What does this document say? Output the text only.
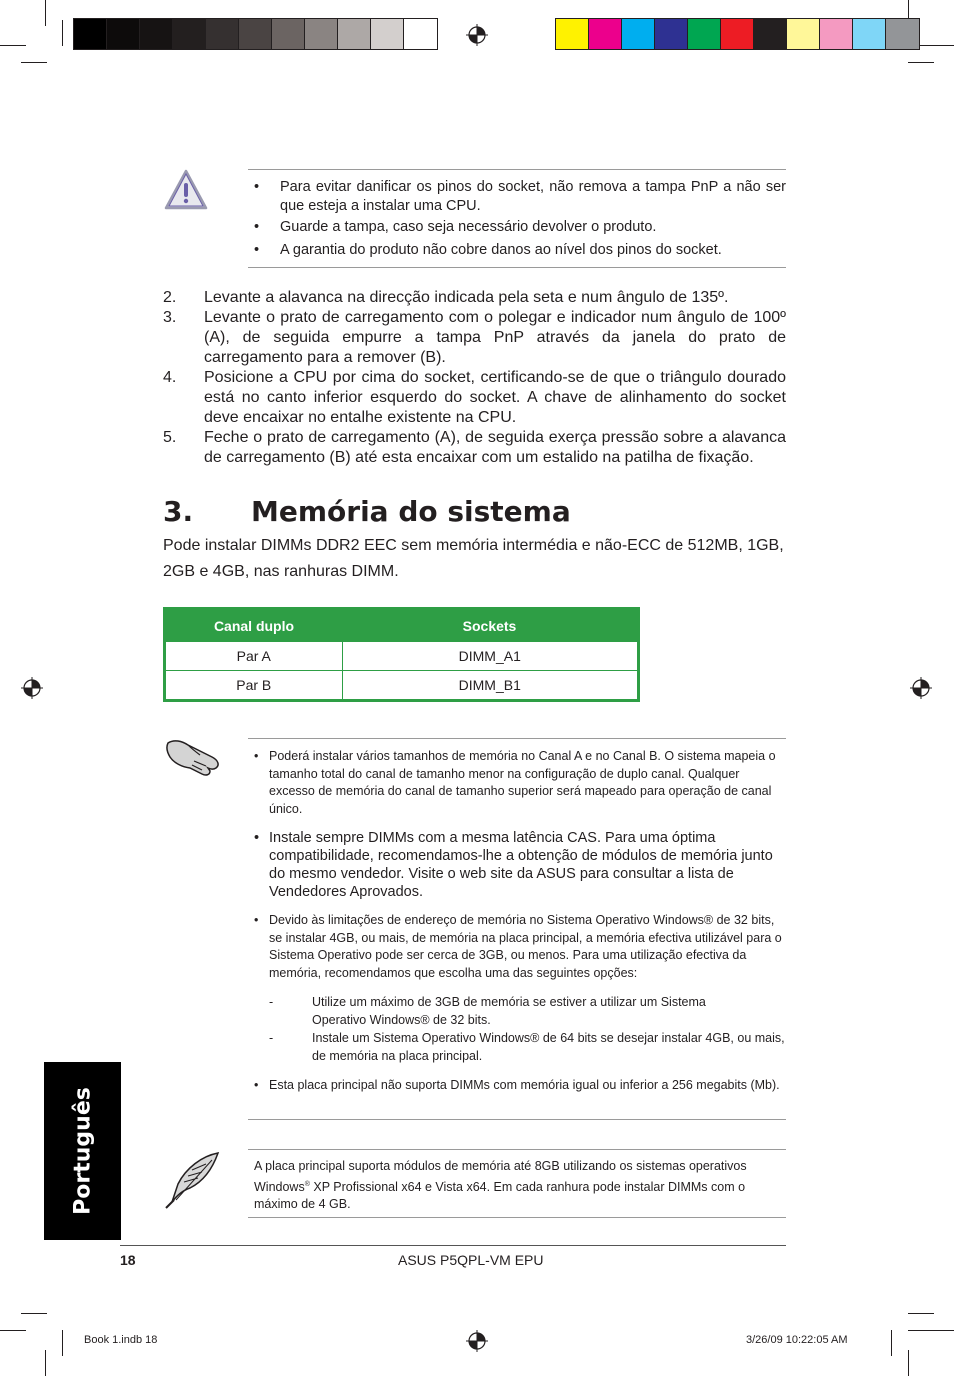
• Para evitar danificar os pinos do socket, não remova a tampa PnP a não ser que esteja a instalar uma CPU.
• Guarde a tampa, caso seja necessário devolver o produto.
• A garantia do produto não cobre danos ao nível dos pinos do socket.
2. Levante a alavanca na direcção indicada pela seta e num ângulo de 135º.
3. Levante o prato de carregamento com o polegar e indicador num ângulo de 100º (A), de seguida empurre a tampa PnP através da janela do prato de carregamento para a remover (B).
4. Posicione a CPU por cima do socket, certificando-se de que o triângulo dourado está no canto inferior esquerdo do socket. A chave de alinhamento do socket deve encaixar no entalhe existente na CPU.
5. Feche o prato de carregamento (A), de seguida exerça pressão sobre a alavanca de carregamento (B) até esta encaixar com um estalido na patilha de fixação.
3. Memória do sistema
Pode instalar DIMMs DDR2 EEC sem memória intermédia e não-ECC de 512MB, 1GB, 2GB e 4GB, nas ranhuras DIMM.
Canal duplo	Sockets
Par A	DIMM_A1
Par B	DIMM_B1
• Poderá instalar vários tamanhos de memória no Canal A e no Canal B. O sistema mapeia o tamanho total do canal de tamanho menor na configuração de duplo canal. Qualquer excesso de memória do canal de tamanho superior será mapeado para operação de canal único.
• Instale sempre DIMMs com a mesma latência CAS. Para uma óptima compatibilidade, recomendamos-lhe a obtenção de módulos de memória junto do mesmo vendedor. Visite o web site da ASUS para consultar a lista de Vendedores Aprovados.
• Devido às limitações de endereço de memória no Sistema Operativo Windows® de 32 bits, se instalar 4GB, ou mais, de memória na placa principal, a memória efectiva utilizável para o Sistema Operativo pode ser cerca de 3GB, ou menos. Para uma utilização efectiva da memória, recomendamos que escolha uma das seguintes opções:
-	Utilize um máximo de 3GB de memória se estiver a utilizar um Sistema
Operativo Windows® de 32 bits.
-	Instale um Sistema Operativo Windows® de 64 bits se desejar instalar 4GB, ou mais, de memória na placa principal.
• Esta placa principal não suporta DIMMs com memória igual ou inferior a 256 megabits (Mb).
A placa principal suporta módulos de memória até 8GB utilizando os sistemas operativos
Windows® XP Profissional x64 e Vista x64. Em cada ranhura pode instalar DIMMs com o
máximo de 4 GB.
Português
18	ASUS P5QPL-VM EPU
Book 1.indb 18	3/26/09 10:22:05 AM
